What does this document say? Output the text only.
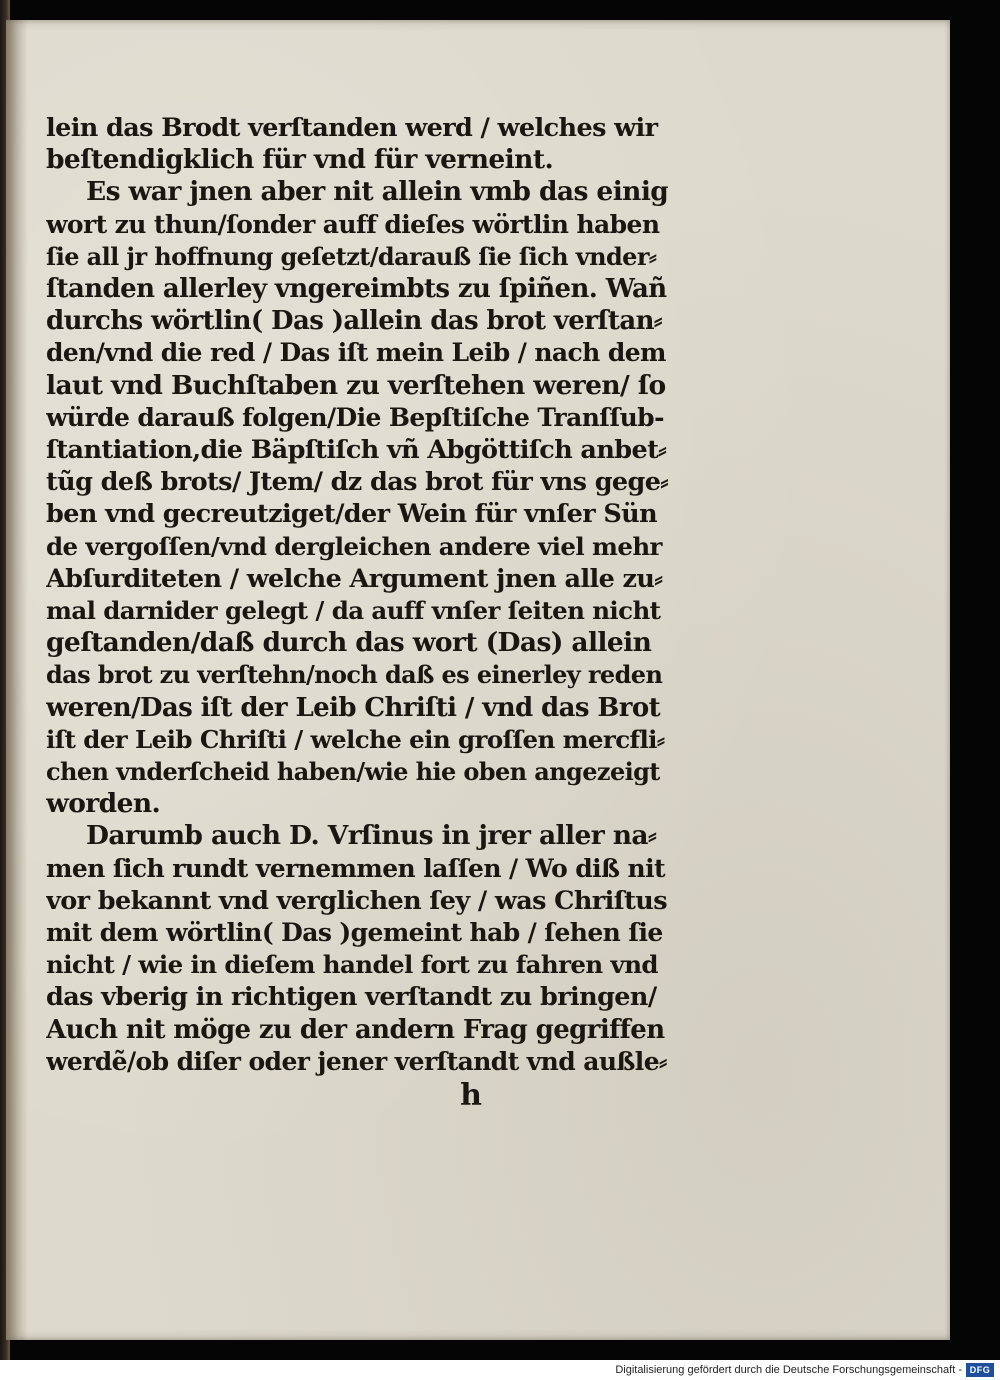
lein das Brodt verſtanden werd / welches wir
beſtendigklich für vnd für verneint.
Es war jnen aber nit allein vmb das einig
wort zu thun/ſonder auff dieſes wörtlin haben
ſie all jr hoffnung geſetzt/darauß ſie ſich vnder⸗
ſtanden allerley vngereimbts zu ſpiñen. Wañ
durchs wörtlin( Das )allein das brot verſtan⸗
den/vnd die red / Das iſt mein Leib / nach dem
laut vnd Buchſtaben zu verſtehen weren/ ſo
würde darauß folgen/Die Bepſtiſche Tranſſub-
ſtantiation,die Bäpſtiſch vñ Abgöttiſch anbet⸗
tũg deß brots/ Jtem/ dz das brot für vns gege⸗
ben vnd gecreutziget/der Wein für vnſer Sün
de vergoſſen/vnd dergleichen andere viel mehr
Abſurditeten / welche Argument jnen alle zu⸗
mal darnider gelegt / da auff vnſer ſeiten nicht
geſtanden/daß durch das wort (Das) allein
das brot zu verſtehn/noch daß es einerley reden
weren/Das iſt der Leib Chriſti / vnd das Brot
iſt der Leib Chriſti / welche ein groſſen mercfli⸗
chen vnderſcheid haben/wie hie oben angezeigt
worden.
Darumb auch D. Vrſinus in jrer aller na⸗
men ſich rundt vernemmen laſſen / Wo diß nit
vor bekannt vnd verglichen ſey / was Chriſtus
mit dem wörtlin( Das )gemeint hab / ſehen ſie
nicht / wie in dieſem handel fort zu fahren vnd
das vberig in richtigen verſtandt zu bringen/
Auch nit möge zu der andern Frag gegriffen
werdẽ/ob diſer oder jener verſtandt vnd außle⸗
h
Digitalisierung gefördert durch die Deutsche Forschungsgemeinschaft - DFG
